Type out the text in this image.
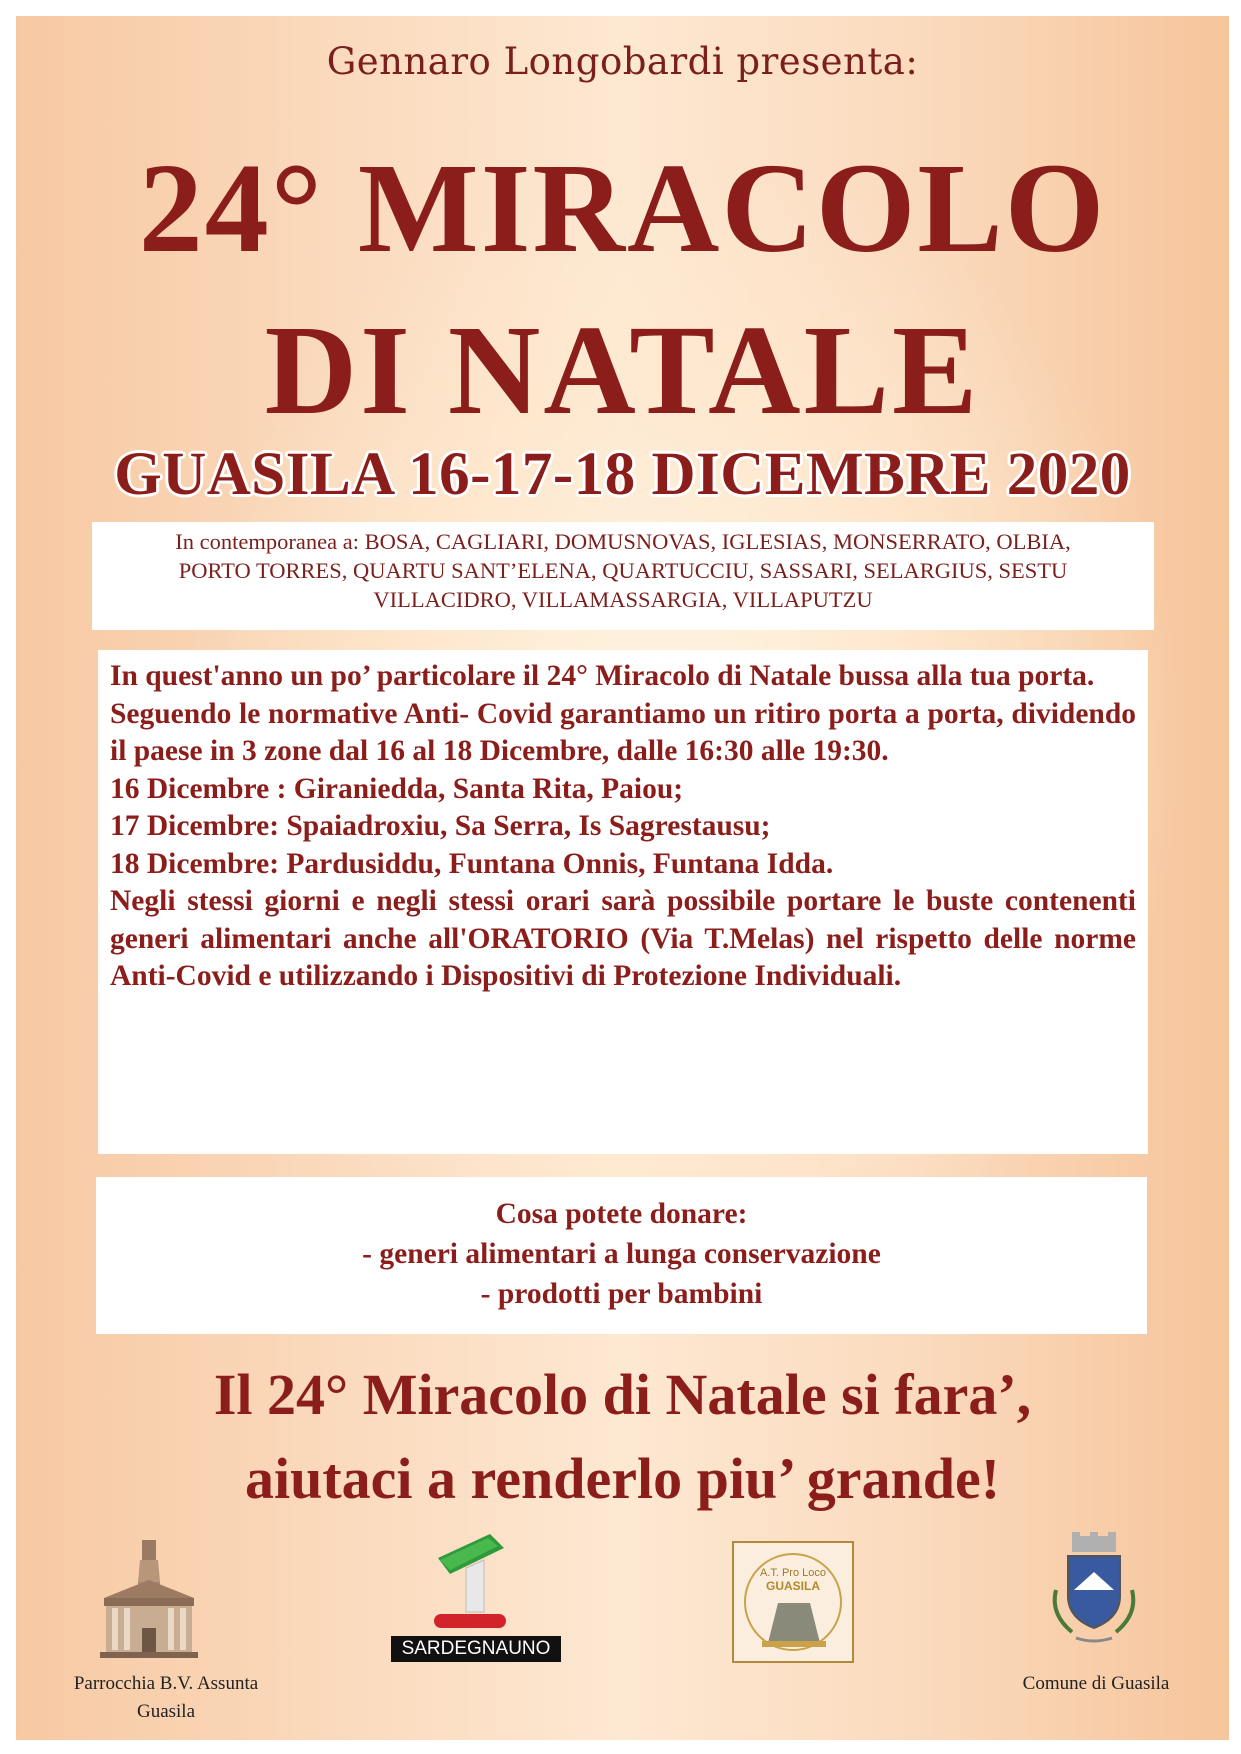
Gennaro Longobardi presenta:
24° MIRACOLO
DI NATALE
GUASILA 16-17-18 DICEMBRE 2020
In contemporanea a: BOSA, CAGLIARI, DOMUSNOVAS, IGLESIAS, MONSERRATO, OLBIA,
PORTO TORRES, QUARTU SANT’ELENA, QUARTUCCIU, SASSARI, SELARGIUS, SESTU
VILLACIDRO, VILLAMASSARGIA, VILLAPUTZU

In quest'anno un po’ particolare il 24° Miracolo di Natale bussa alla tua porta.

Seguendo le normative Anti- Covid garantiamo un ritiro porta a porta, dividendo il paese in 3 zone dal 16 al 18 Dicembre, dalle 16:30 alle 19:30.

16 Dicembre : Giraniedda, Santa Rita, Paiou;

17 Dicembre: Spaiadroxiu, Sa Serra, Is Sagrestausu;

18 Dicembre: Pardusiddu, Funtana Onnis, Funtana Idda.

Negli stessi giorni e negli stessi orari sarà possibile portare le buste contenenti generi alimentari anche all'ORATORIO (Via T.Melas) nel rispetto delle norme Anti-Covid e utilizzando i Dispositivi di Protezione Individuali.

Cosa potete donare:
- generi alimentari a lunga conservazione
- prodotti per bambini
Il 24° Miracolo di Natale si fara’,
aiutaci a renderlo piu’ grande!
Parrocchia B.V. Assunta
Guasila
SARDEGNAUNO
A.T. Pro Loco
GUASILA
Comune di Guasila
